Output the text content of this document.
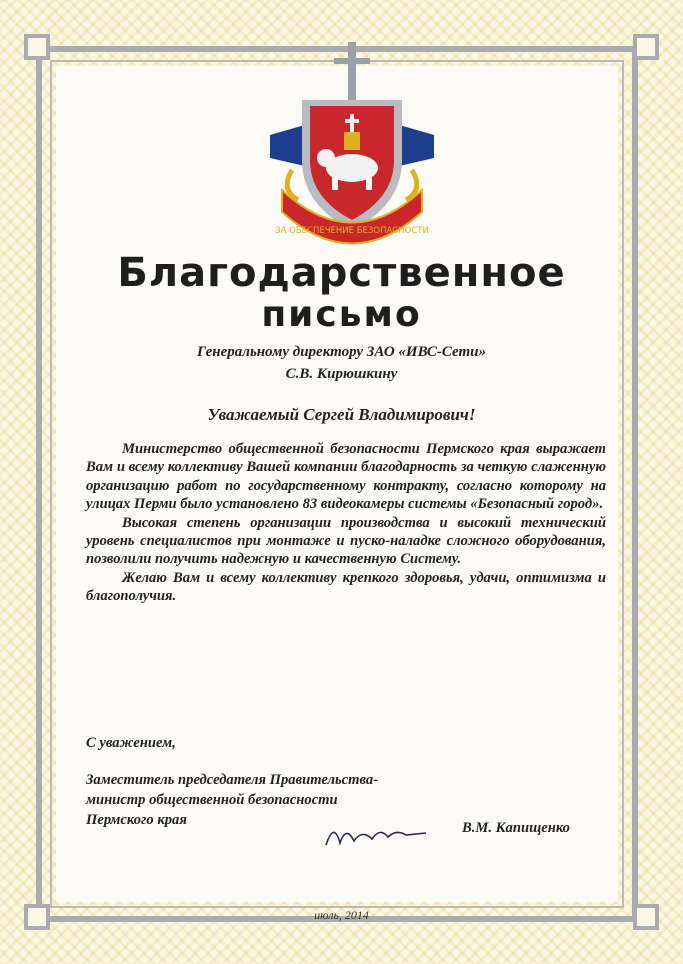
ЗА ОБЕСПЕЧЕНИЕ БЕЗОПАСНОСТИ
Благодарственное
письмо
Генеральному директору ЗАО «ИВС-Сети»
С.В. Кирюшкину
Уважаемый Сергей Владимирович!

Министерство общественной безопасности Пермского края выражает Вам и всему коллективу Вашей компании благодарность за четкую слаженную организацию работ по государственному контракту, согласно которому на улицах Перми было установлено 83 видеокамеры системы «Безопасный город».

Высокая степень организации производства и высокий технический уровень специалистов при монтаже и пуско-наладке сложного оборудования, позволили получить надежную и качественную Систему.

Желаю Вам и всему коллективу крепкого здоровья, удачи, оптимизма и благополучия.

С уважением,
Заместитель председателя Правительства-
министр общественной безопасности
Пермского края	В.М. Капищенко
июль, 2014
